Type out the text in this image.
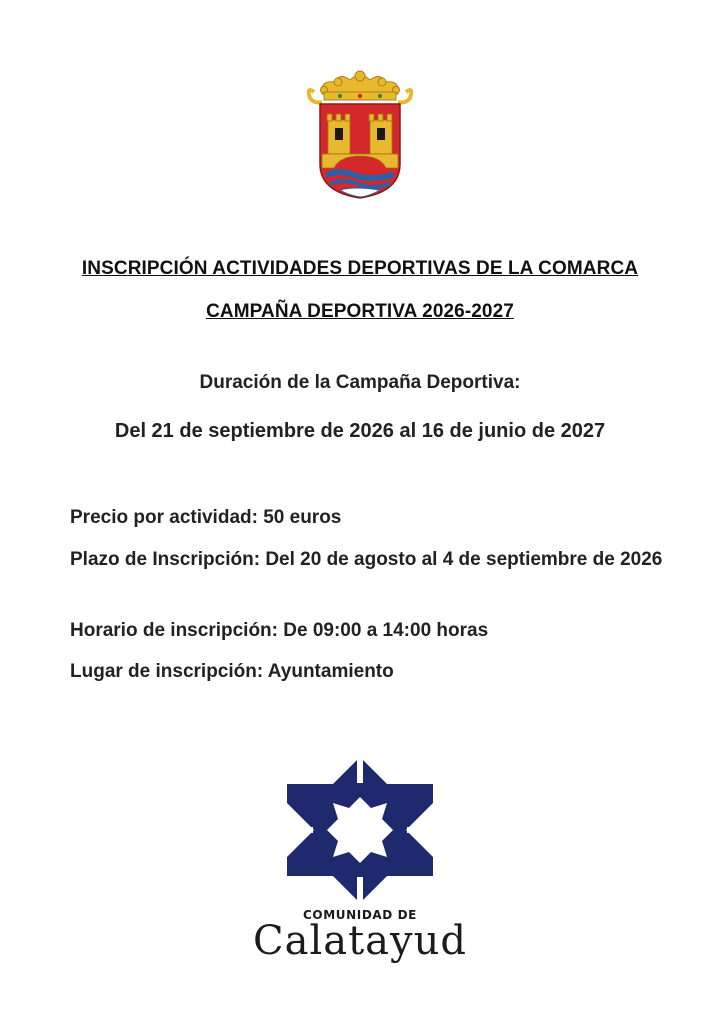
INSCRIPCIÓN ACTIVIDADES DEPORTIVAS DE LA COMARCA
CAMPAÑA DEPORTIVA 2026-2027
Duración de la Campaña Deportiva:
Del 21 de septiembre de 2026 al 16 de junio de 2027
Precio por actividad: 50 euros
Plazo de Inscripción: Del 20 de agosto al 4 de septiembre de 2026
Horario de inscripción: De 09:00 a 14:00 horas
Lugar de inscripción: Ayuntamiento
COMUNIDAD DE
Calatayud
